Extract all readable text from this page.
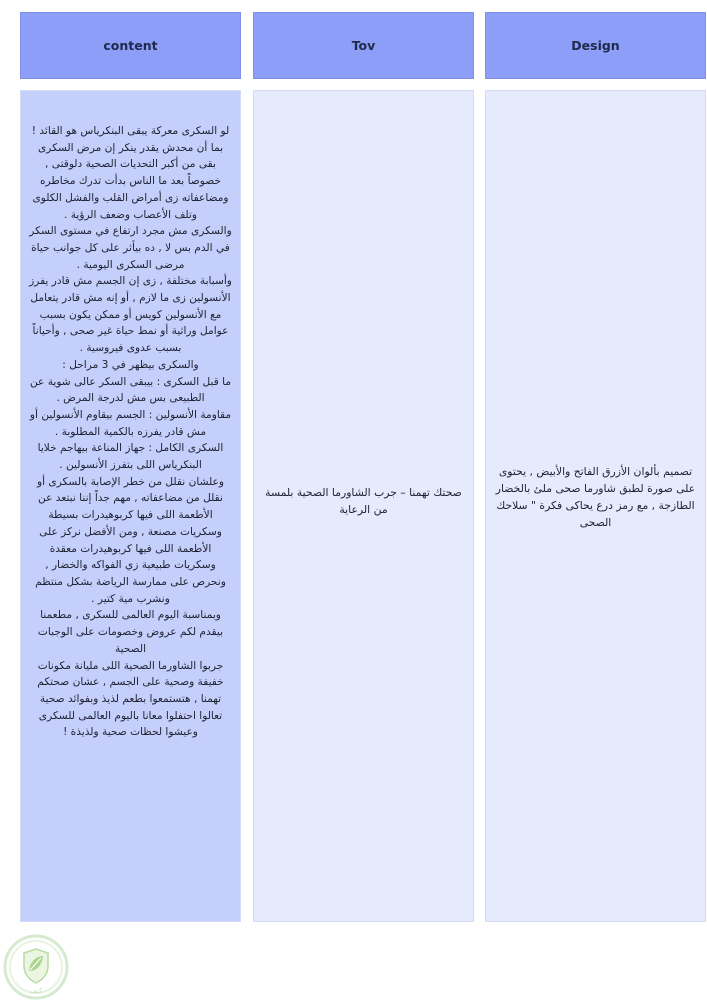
content	Tov	Design

لو السكرى معركة يبقى البنكرياس هو القائد !

بما أن محدش يقدر ينكر إن مرض السكرى بقى من أكبر التحديات الصحية دلوقتى , خصوصاً بعد ما الناس بدأت تدرك مخاطره ومضاعفاته زى أمراض القلب والفشل الكلوى وتلف الأعصاب وضعف الرؤية .

والسكرى مش مجرد ارتفاع في مستوى السكر في الدم بس لا , ده بيأثر على كل جوانب حياة مرضى السكرى اليومية .

وأسبابة مختلفة , زى إن الجسم مش قادر يفرز الأنسولين زى ما لازم , أو إنه مش قادر يتعامل مع الأنسولين كويس أو ممكن يكون بسبب عوامل وراثية أو نمط حياة غير صحى , وأحياناً بسبب عدوى فيروسية .

والسكرى بيظهر في 3 مراحل :

ما قبل السكرى : بيبقى السكر عالى شوية عن الطبيعى بس مش لدرجة المرض .

مقاومة الأنسولين : الجسم بيقاوم الأنسولين أو مش قادر يفرزه بالكمية المطلوبة .

السكرى الكامل : جهاز المناعة بيهاجم خلايا البنكرياس اللى بتفرز الأنسولين .

وعلشان نقلل من خطر الإصابة بالسكرى أو نقلل من مضاعفاته , مهم جداً إننا نبتعد عن الأطعمة اللى فيها كربوهيدرات بسيطة وسكريات مصنعة , ومن الأفضل نركز على الأطعمة اللى فيها كربوهيدرات معقدة وسكريات طبيعية زي الفواكه والخضار , ونحرص على ممارسة الرياضة بشكل منتظم ونشرب مية كتير .

وبمناسبة اليوم العالمى للسكرى , مطعمنا بيقدم لكم عروض وخصومات على الوجبات الصحية

جربوا الشاورما الصحية اللى مليانة مكونات خفيفة وصحية على الجسم , عشان صحتكم تهمنا , هتستمعوا بطعم لذيذ وبفوائد صحية

تعالوا احتفلوا معانا باليوم العالمى للسكرى وعيشوا لحظات صحية ولذيذة !

صحتك تهمنا – جرب الشاورما الصحية بلمسة من الرعاية
تصميم بألوان الأزرق الفاتح والأبيض , يحتوى على صورة لطبق شاورما صحى ملئ بالخضار الطازجة , مع رمز درع يحاكى فكرة " سلاحك الصحى
كيف
